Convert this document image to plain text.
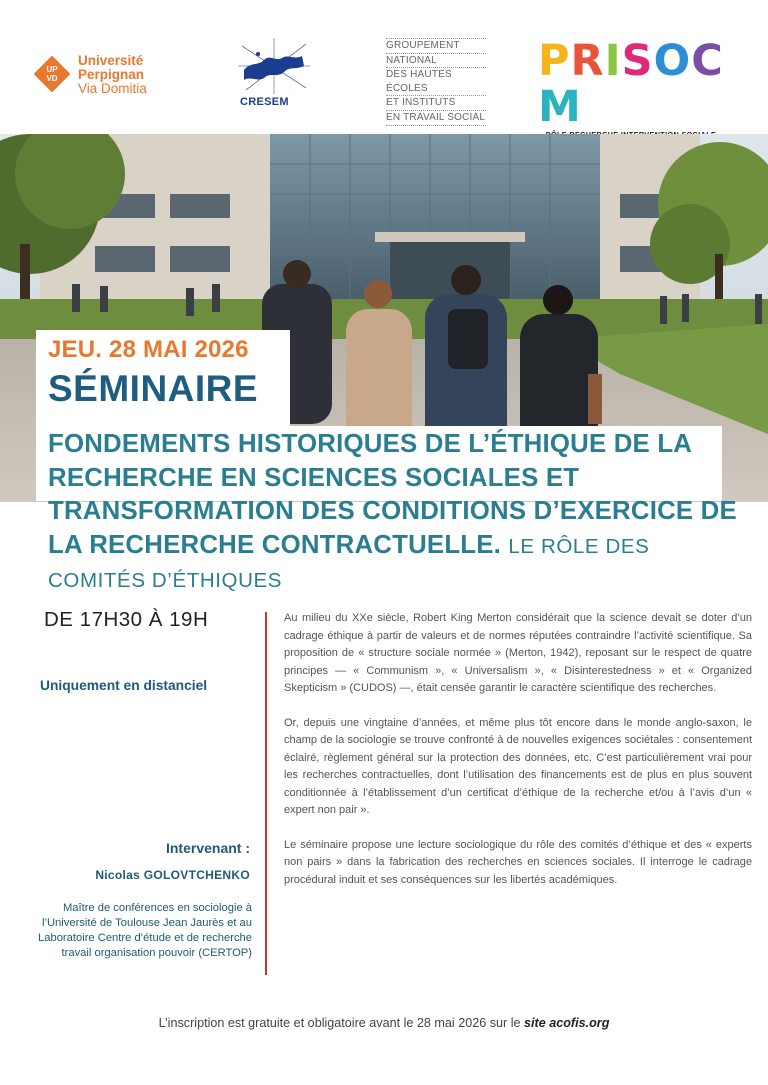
UP
VD
Université
Perpignan
Via Domitia
CRESEM
GROUPEMENT
NATIONAL
DES HAUTES ÉCOLES
ET INSTITUTS
EN TRAVAIL SOCIAL
PRISOCM
JEU. 28 MAI 2026
SÉMINAIRE
FONDEMENTS HISTORIQUES DE L’ÉTHIQUE DE LA RECHERCHE EN SCIENCES SOCIALES ET TRANSFORMATION DES CONDITIONS D’EXERCICE DE LA RECHERCHE CONTRACTUELLE. LE RÔLE DES COMITÉS D’ÉTHIQUES
DE 17H30 À 19H
Uniquement en distanciel
Intervenant :
Nicolas GOLOVTCHENKO
Maître de conférences en sociologie à l’Université de Toulouse Jean Jaurès et au Laboratoire Centre d’étude et de recherche travail organisation pouvoir (CERTOP)

Au milieu du XXe siècle, Robert King Merton considérait que la science devait se doter d’un cadrage éthique à partir de valeurs et de normes réputées contraindre l’activité scientifique. Sa proposition de « structure sociale normée » (Merton, 1942), reposant sur le respect de quatre principes — « Communism », « Universalism », « Disinterestedness » et « Organized Skepticism » (CUDOS) —, était censée garantir le caractère scientifique des recherches.

Or, depuis une vingtaine d’années, et même plus tôt encore dans le monde anglo-saxon, le champ de la sociologie se trouve confronté à de nouvelles exigences sociétales : consentement éclairé, règlement général sur la protection des données, etc. C’est particulièrement vrai pour les recherches contractuelles, dont l’utilisation des financements est de plus en plus souvent conditionnée à l’établissement d’un certificat d’éthique de la recherche et/ou à l’avis d’un « expert non pair ».

Le séminaire propose une lecture sociologique du rôle des comités d’éthique et des « experts non pairs » dans la fabrication des recherches en sciences sociales. Il interroge le cadrage procédural induit et ses conséquences sur les libertés académiques.

L’inscription est gratuite et obligatoire avant le 28 mai 2026 sur le site acofis.org
